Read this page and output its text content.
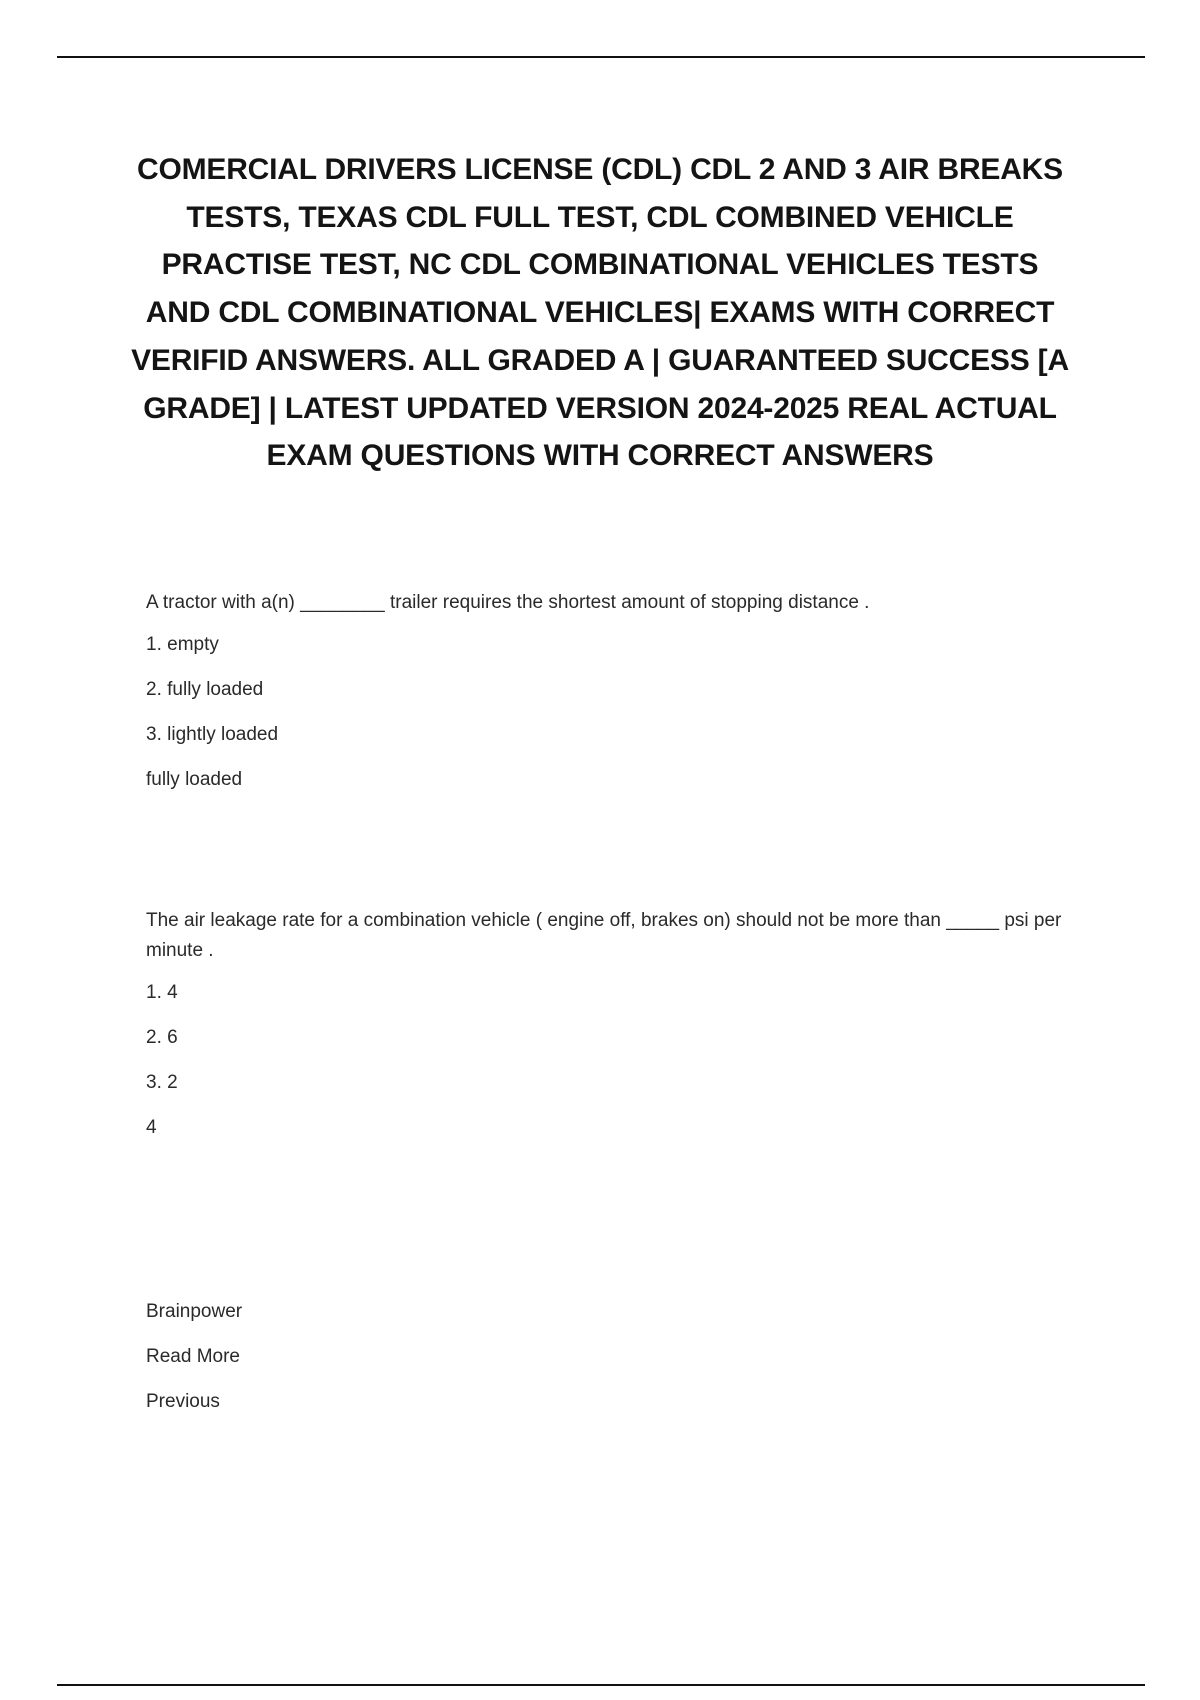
COMERCIAL DRIVERS LICENSE (CDL) CDL 2 AND 3 AIR BREAKS TESTS, TEXAS CDL FULL TEST, CDL COMBINED VEHICLE PRACTISE TEST, NC CDL COMBINATIONAL VEHICLES TESTS AND CDL COMBINATIONAL VEHICLES| EXAMS WITH CORRECT VERIFID ANSWERS. ALL GRADED A | GUARANTEED SUCCESS [A GRADE] | LATEST UPDATED VERSION 2024-2025 REAL ACTUAL EXAM QUESTIONS WITH CORRECT ANSWERS

A tractor with a(n) ________ trailer requires the shortest amount of stopping distance .

1. empty

2. fully loaded

3. lightly loaded

fully loaded

The air leakage rate for a combination vehicle ( engine off, brakes on) should not be more than _____ psi per minute .

1. 4

2. 6

3. 2

4

Brainpower
Read More
Previous
